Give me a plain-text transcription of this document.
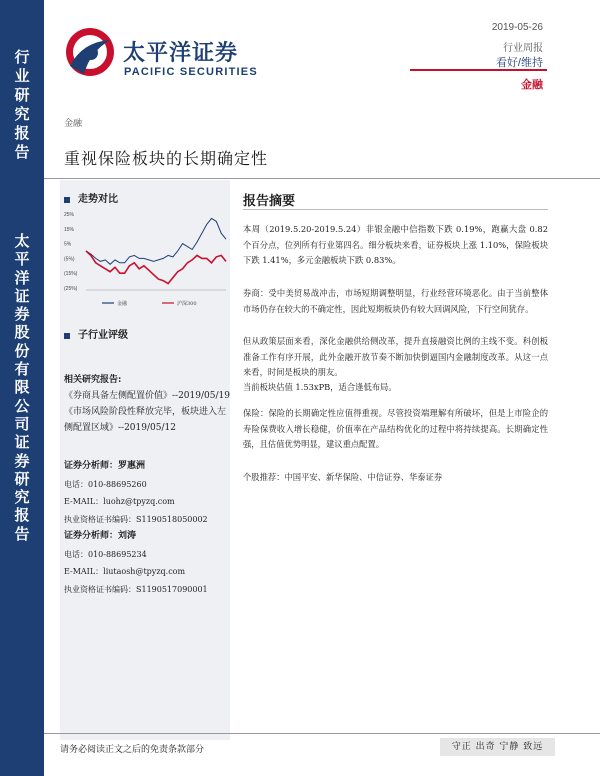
行
业
研
究
报
告
太
平
洋
证
券
股
份
有
限
公
司
证
券
研
究
报
告
太平洋证券
PACIFIC SECURITIES
2019-05-26
行业周报
看好/维持
金融
金融
重视保险板块的长期确定性
走势对比
25%
15%
5%
(5%)
(15%)
(25%)
金融	沪深300
子行业评级
相关研究报告:
《券商具备左侧配置价值》--2019/05/19
《市场风险阶段性释放完毕，板块进入左侧配置区域》--2019/05/12
证券分析师：罗惠洲
电话：010-88695260
E-MAIL：luohz@tpyzq.com
执业资格证书编码：S1190518050002
证券分析师：刘涛
电话：010-88695234
E-MAIL：liutaosh@tpyzq.com
执业资格证书编码：S1190517090001
报告摘要
本周（2019.5.20-2019.5.24）非银金融中信指数下跌 0.19%，跑赢大盘 0.82 个百分点，位列所有行业第四名。细分板块来看，证券板块上涨 1.10%，保险板块下跌 1.41%，多元金融板块下跌 0.83%。
券商：受中美贸易战冲击，市场短期调整明显，行业经营环境恶化。由于当前整体市场仍存在较大的不确定性，因此短期板块仍有较大回调风险，下行空间犹存。
但从政策层面来看，深化金融供给侧改革，提升直接融资比例的主线不变。科创板准备工作有序开展，此外金融开放节奏不断加快倒逼国内金融制度改革。从这一点来看，时间是板块的朋友。
当前板块估值 1.53xPB，适合逢低布局。
保险：保险的长期确定性应值得重视。尽管投资端理解有所破坏，但是上市险企的寿险保费收入增长稳健，价值率在产品结构优化的过程中将持续提高。长期确定性强，且估值优势明显，建议重点配置。
个股推荐：中国平安、新华保险、中信证券、华泰证券
请务必阅读正文之后的免责条款部分	守正 出奇 宁静 致远
